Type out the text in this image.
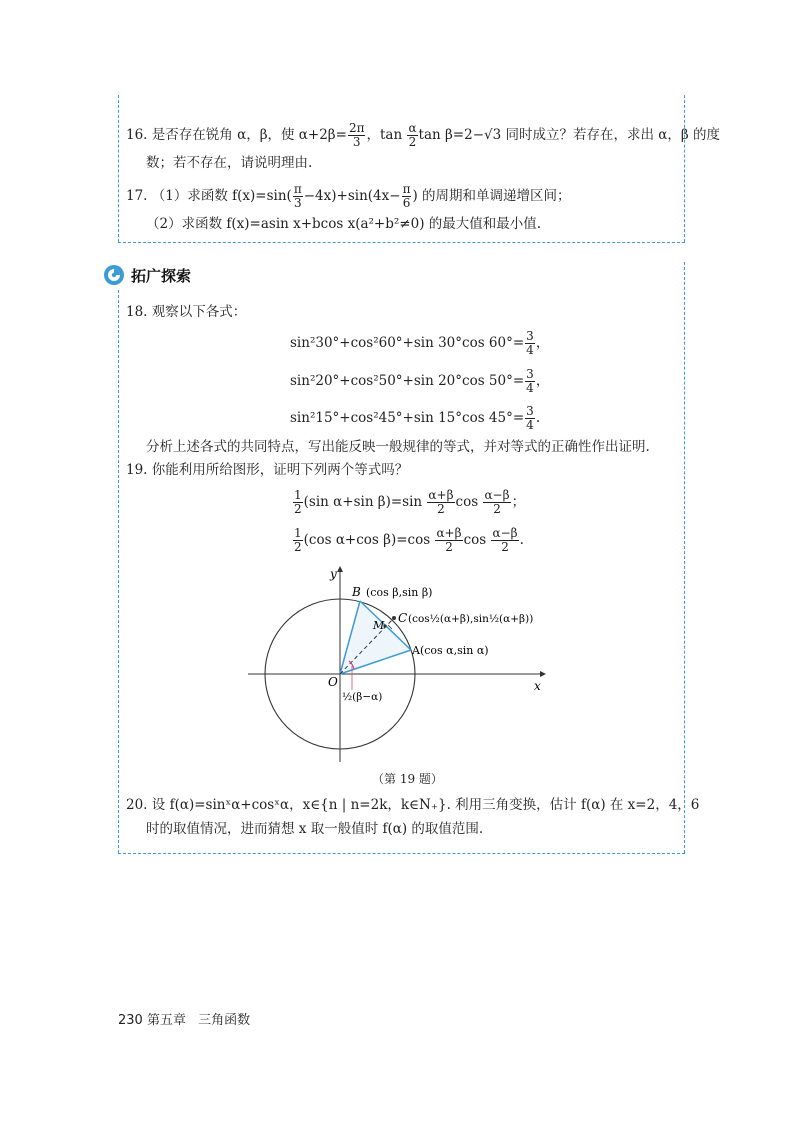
16. 是否存在锐角 α，β，使 $\alpha+2\beta= \frac{2\pi}{3}$ ，$\tan \frac{\alpha}{2}$ tan β=2−√3 同时成立？若存在，求出 α，β 的度
数；若不存在，请说明理由.
17. （1）求函数 $f(x)=\sin( \frac{\pi}{3} -4x)+\sin(4x- \frac{\pi}{6}$ ) 的周期和单调递增区间；
（2）求函数 f(x)=asin x+bcos x(a²+b²≠0) 的最大值和最小值.
拓广探索
18. 观察以下各式：
sin²30°+cos²60°+sin 30°cos $60^\circ= \frac{3}{4}$ ，
sin²20°+cos²50°+sin 20°cos $50^\circ= \frac{3}{4}$ ，
sin²15°+cos²45°+sin 15°cos $45^\circ= \frac{3}{4}$ .
分析上述各式的共同特点，写出能反映一般规律的等式，并对等式的正确性作出证明.
19. 你能利用所给图形，证明下列两个等式吗？
$\frac{1}{2} (\sin$ α+sin $\beta)=\sin \frac{\alpha+\beta}{2}$ $\cos \frac{\alpha-\beta}{2}$ ；
$\frac{1}{2} (\cos$ α+cos $\beta)=\cos \frac{\alpha+\beta}{2}$ $\cos \frac{\alpha-\beta}{2}$ .
y
x
O
B (cos β,sin β)
C (cos½(α+β),sin½(α+β))
M
A(cos α,sin α)
½(β−α)
（第 19 题）
20. 设 f(α)=sinˣα+cosˣα，x∈{n | n=2k，k∈N₊}. 利用三角变换，估计 f(α) 在 x=2，4，6
时的取值情况，进而猜想 x 取一般值时 f(α) 的取值范围.
230 第五章 三角函数
